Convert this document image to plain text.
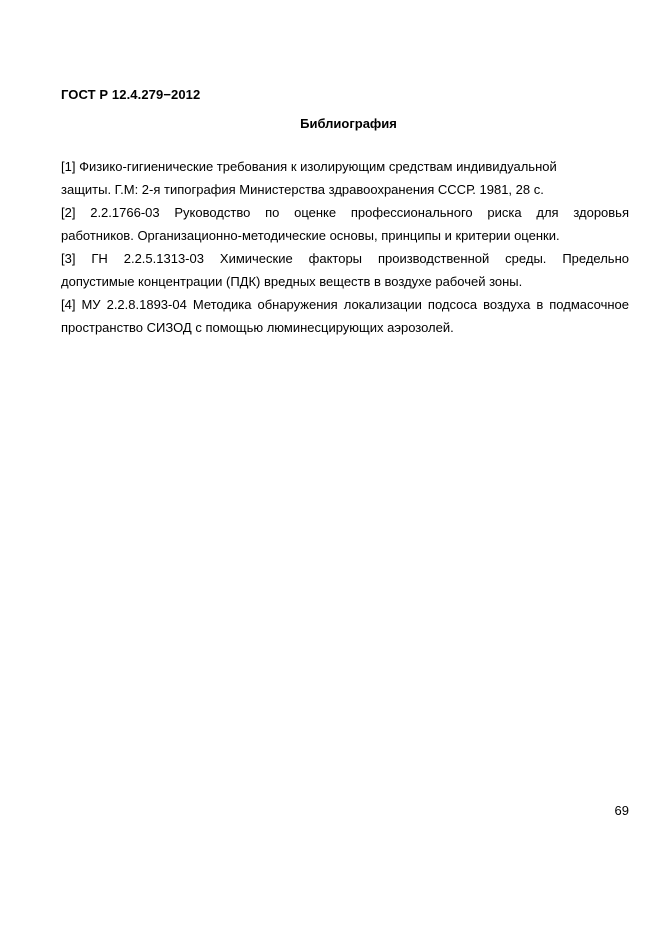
ГОСТ Р 12.4.279−2012
Библиография
[1] Физико-гигиенические требования к изолирующим средствам индивидуальной
защиты. Г.М: 2-я типография Министерства здравоохранения СССР. 1981, 28 с.
[2] 2.2.1766-03 Руководство по оценке профессионального риска для здоровья
работников. Организационно-методические основы, принципы и критерии оценки.
[3] ГН 2.2.5.1313-03 Химические факторы производственной среды. Предельно
допустимые концентрации (ПДК) вредных веществ в воздухе рабочей зоны.
[4] МУ 2.2.8.1893-04 Методика обнаружения локализации подсоса воздуха в подмасочное
пространство СИЗОД с помощью люминесцирующих аэрозолей.
69
